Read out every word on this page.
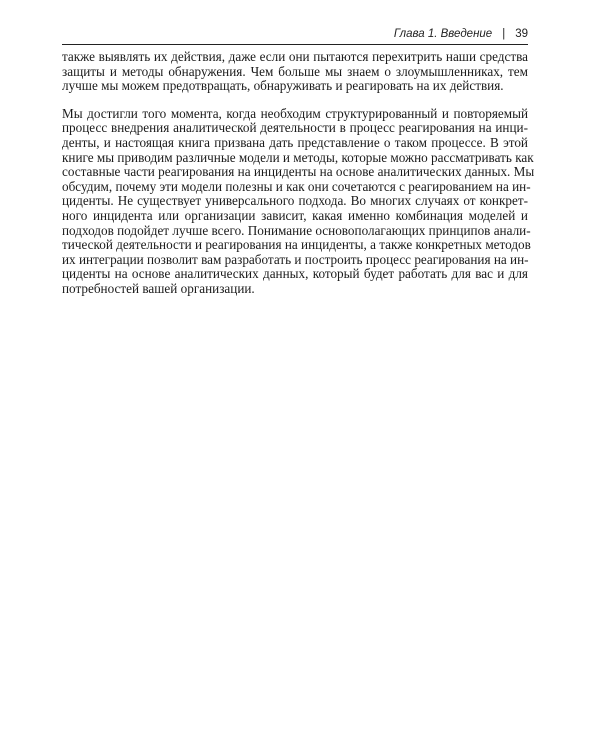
Глава 1. Введение | 39
также выявлять их действия, даже если они пытаются перехитрить наши средства
защиты и методы обнаружения. Чем больше мы знаем о злоумышленниках, тем
лучше мы можем предотвращать, обнаруживать и реагировать на их действия.
Мы достигли того момента, когда необходим структурированный и повторяемый
процесс внедрения аналитической деятельности в процесс реагирования на инци-
денты, и настоящая книга призвана дать представление о таком процессе. В этой
книге мы приводим различные модели и методы, которые можно рассматривать как
составные части реагирования на инциденты на основе аналитических данных. Мы
обсудим, почему эти модели полезны и как они сочетаются с реагированием на ин-
циденты. Не существует универсального подхода. Во многих случаях от конкрет-
ного инцидента или организации зависит, какая именно комбинация моделей и
подходов подойдет лучше всего. Понимание основополагающих принципов анали-
тической деятельности и реагирования на инциденты, а также конкретных методов
их интеграции позволит вам разработать и построить процесс реагирования на ин-
циденты на основе аналитических данных, который будет работать для вас и для
потребностей вашей организации.
